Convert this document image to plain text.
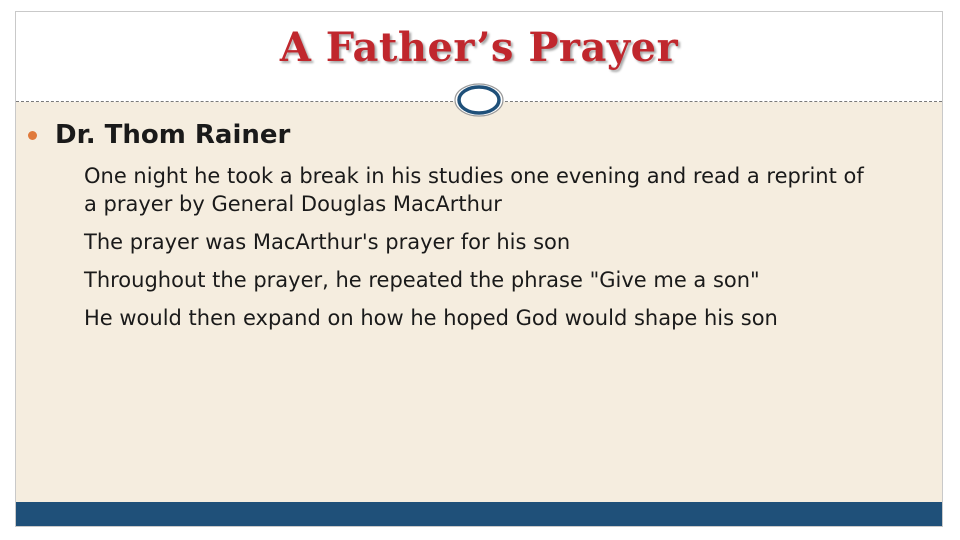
A Father’s Prayer
Dr. Thom Rainer
One night he took a break in his studies one evening and read a reprint of a prayer by General Douglas MacArthur
The prayer was MacArthur's prayer for his son
Throughout the prayer, he repeated the phrase "Give me a son"
He would then expand on how he hoped God would shape his son
